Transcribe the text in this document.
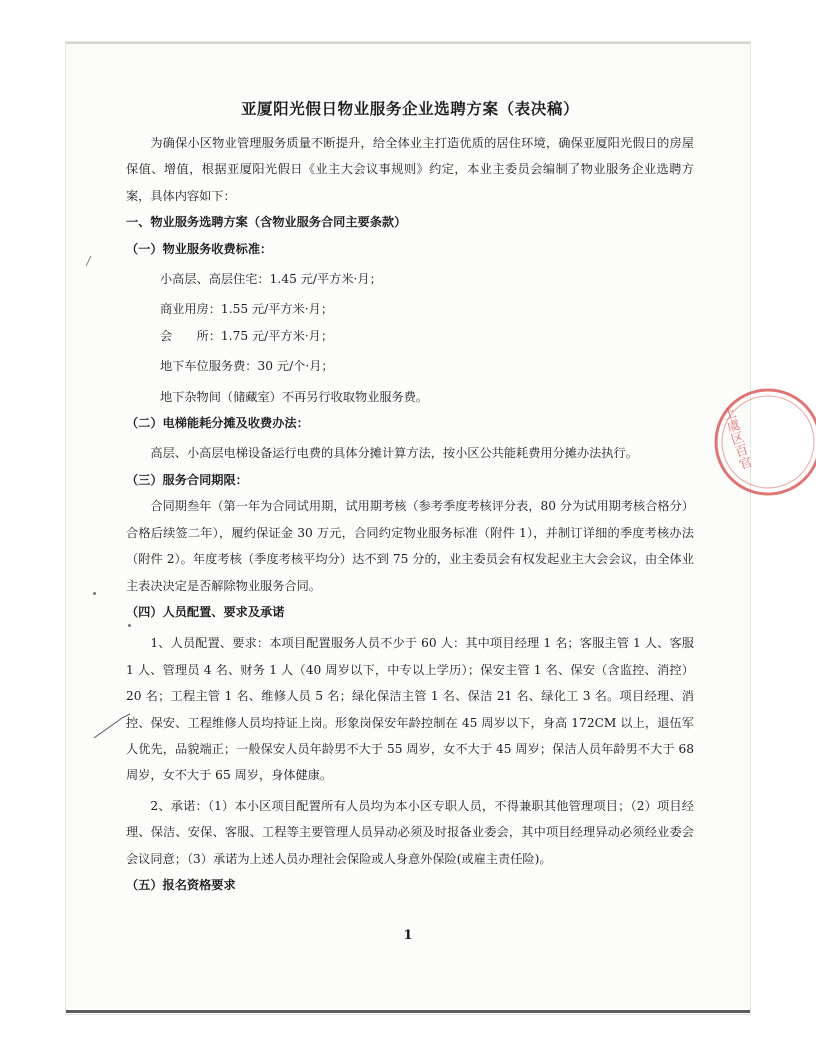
亚厦阳光假日物业服务企业选聘方案（表决稿）

为确保小区物业管理服务质量不断提升，给全体业主打造优质的居住环境，确保亚厦阳光假日的房屋保值、增值，根据亚厦阳光假日《业主大会议事规则》约定，本业主委员会编制了物业服务企业选聘方案，具体内容如下：

一、物业服务选聘方案（含物业服务合同主要条款）

（一）物业服务收费标准：

小高层、高层住宅：1.45 元/平方米·月；

商业用房：1.55 元/平方米·月；

会　　所：1.75 元/平方米·月；

地下车位服务费：30 元/个·月；

地下杂物间（储藏室）不再另行收取物业服务费。

（二）电梯能耗分摊及收费办法：

高层、小高层电梯设备运行电费的具体分摊计算方法，按小区公共能耗费用分摊办法执行。

（三）服务合同期限：

合同期叁年（第一年为合同试用期，试用期考核（参考季度考核评分表，80 分为试用期考核合格分）合格后续签二年），履约保证金 30 万元，合同约定物业服务标准（附件 1），并制订详细的季度考核办法（附件 2）。年度考核（季度考核平均分）达不到 75 分的，业主委员会有权发起业主大会会议，由全体业主表决决定是否解除物业服务合同。

（四）人员配置、要求及承诺

1、人员配置、要求：本项目配置服务人员不少于 60 人：其中项目经理 1 名；客服主管 1 人、客服 1 人、管理员 4 名、财务 1 人（40 周岁以下，中专以上学历）；保安主管 1 名、保安（含监控、消控）20 名；工程主管 1 名、维修人员 5 名；绿化保洁主管 1 名、保洁 21 名、绿化工 3 名。项目经理、消控、保安、工程维修人员均持证上岗。形象岗保安年龄控制在 45 周岁以下，身高 172CM 以上，退伍军人优先，品貌端正；一般保安人员年龄男不大于 55 周岁，女不大于 45 周岁；保洁人员年龄男不大于 68 周岁，女不大于 65 周岁，身体健康。

2、承诺：（1）本小区项目配置所有人员均为本小区专职人员，不得兼职其他管理项目；（2）项目经理、保洁、安保、客服、工程等主要管理人员异动必须及时报备业委会，其中项目经理异动必须经业委会会议同意；（3）承诺为上述人员办理社会保险或人身意外保险(或雇主责任险)。

（五）报名资格要求

1
上虞区百官
